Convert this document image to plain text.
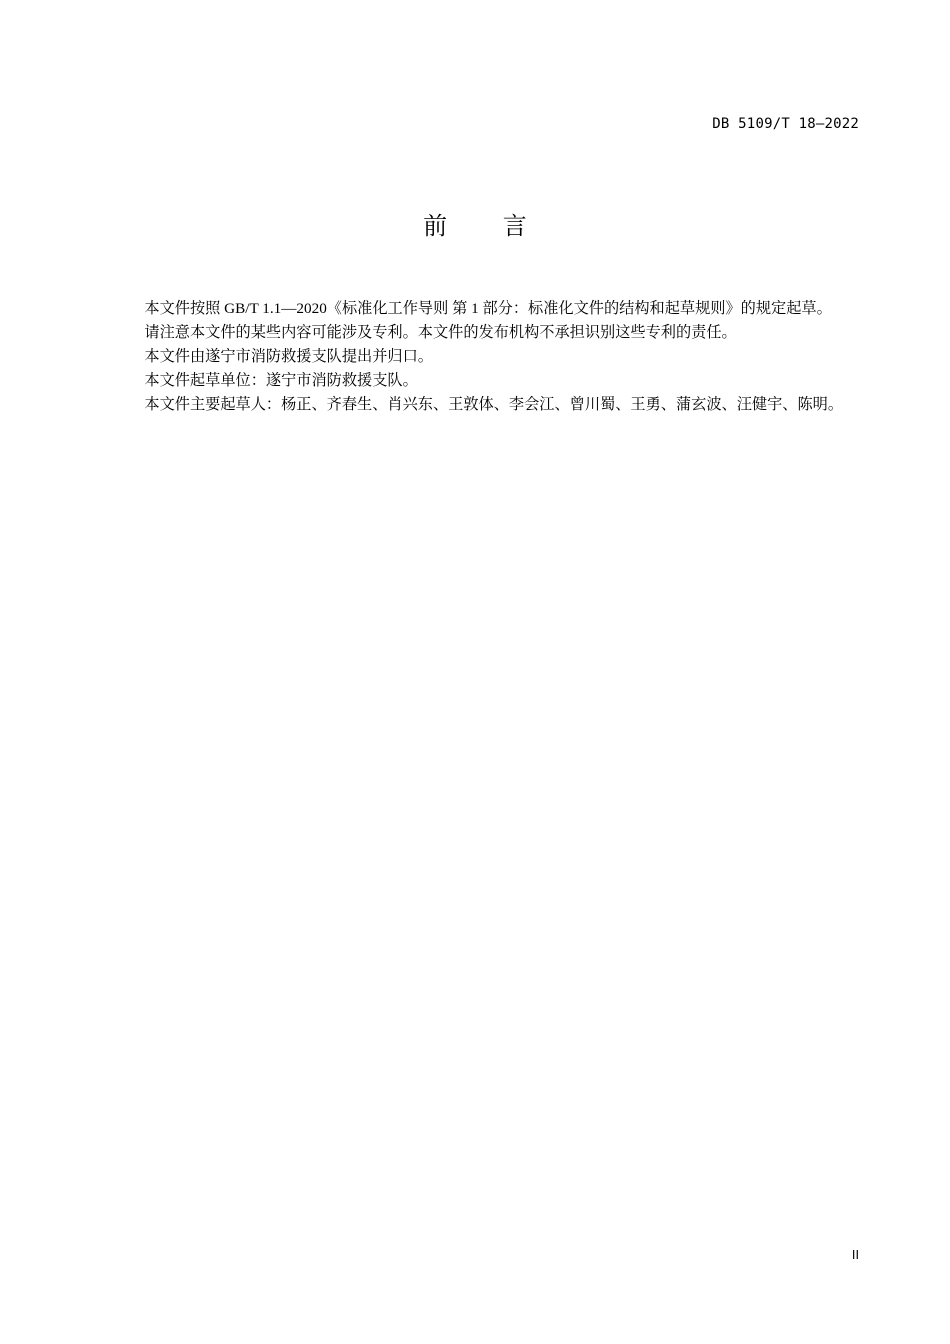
DB 5109/T 18—2022
前 言

本文件按照 GB/T 1.1—2020《标准化工作导则 第 1 部分：标准化文件的结构和起草规则》的规定起草。

请注意本文件的某些内容可能涉及专利。本文件的发布机构不承担识别这些专利的责任。

本文件由遂宁市消防救援支队提出并归口。

本文件起草单位：遂宁市消防救援支队。

本文件主要起草人：杨正、齐春生、肖兴东、王敦体、李会江、曾川蜀、王勇、蒲玄波、汪健宇、陈明。

II
